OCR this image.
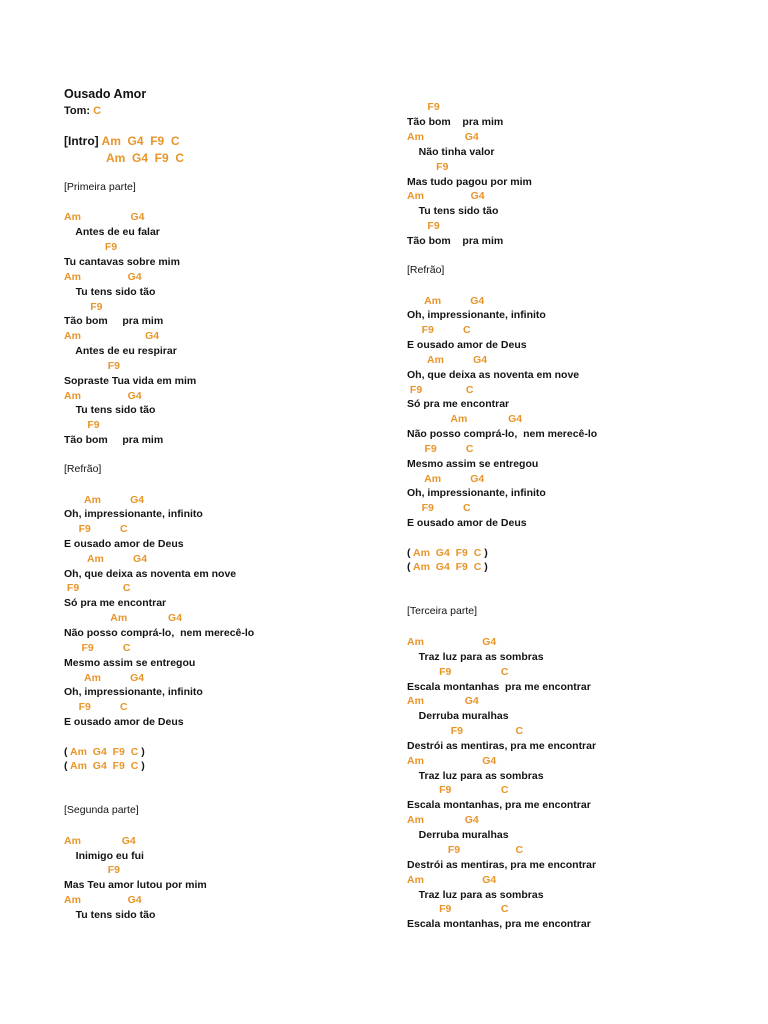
Ousado Amor
Tom: C
[Intro] Am  G4  F9  C
Am  G4  F9  C
[Primeira parte]
Am                 G4
Antes de eu falar
F9
Tu cantavas sobre mim
Am                G4
Tu tens sido tão
F9
Tão bom     pra mim
Am                      G4
Antes de eu respirar
F9
Sopraste Tua vida em mim
Am                G4
Tu tens sido tão
F9
Tão bom     pra mim
[Refrão]
Am          G4
Oh, impressionante, infinito
F9          C
E ousado amor de Deus
Am          G4
Oh, que deixa as noventa em nove
F9               C
Só pra me encontrar
Am              G4
Não posso comprá-lo,  nem merecê-lo
F9          C
Mesmo assim se entregou
Am          G4
Oh, impressionante, infinito
F9          C
E ousado amor de Deus
( Am  G4  F9  C )
( Am  G4  F9  C )
[Segunda parte]
Am              G4
Inimigo eu fui
F9
Mas Teu amor lutou por mim
Am                G4
Tu tens sido tão
F9
Tão bom    pra mim
Am              G4
Não tinha valor
F9
Mas tudo pagou por mim
Am                G4
Tu tens sido tão
F9
Tão bom    pra mim
[Refrão]
Am          G4
Oh, impressionante, infinito
F9          C
E ousado amor de Deus
Am          G4
Oh, que deixa as noventa em nove
F9               C
Só pra me encontrar
Am              G4
Não posso comprá-lo,  nem merecê-lo
F9          C
Mesmo assim se entregou
Am          G4
Oh, impressionante, infinito
F9          C
E ousado amor de Deus
( Am  G4  F9  C )
( Am  G4  F9  C )
[Terceira parte]
Am                    G4
Traz luz para as sombras
F9                 C
Escala montanhas  pra me encontrar
Am              G4
Derruba muralhas
F9                  C
Destrói as mentiras, pra me encontrar
Am                    G4
Traz luz para as sombras
F9                 C
Escala montanhas, pra me encontrar
Am              G4
Derruba muralhas
F9                   C
Destrói as mentiras, pra me encontrar
Am                    G4
Traz luz para as sombras
F9                 C
Escala montanhas, pra me encontrar
